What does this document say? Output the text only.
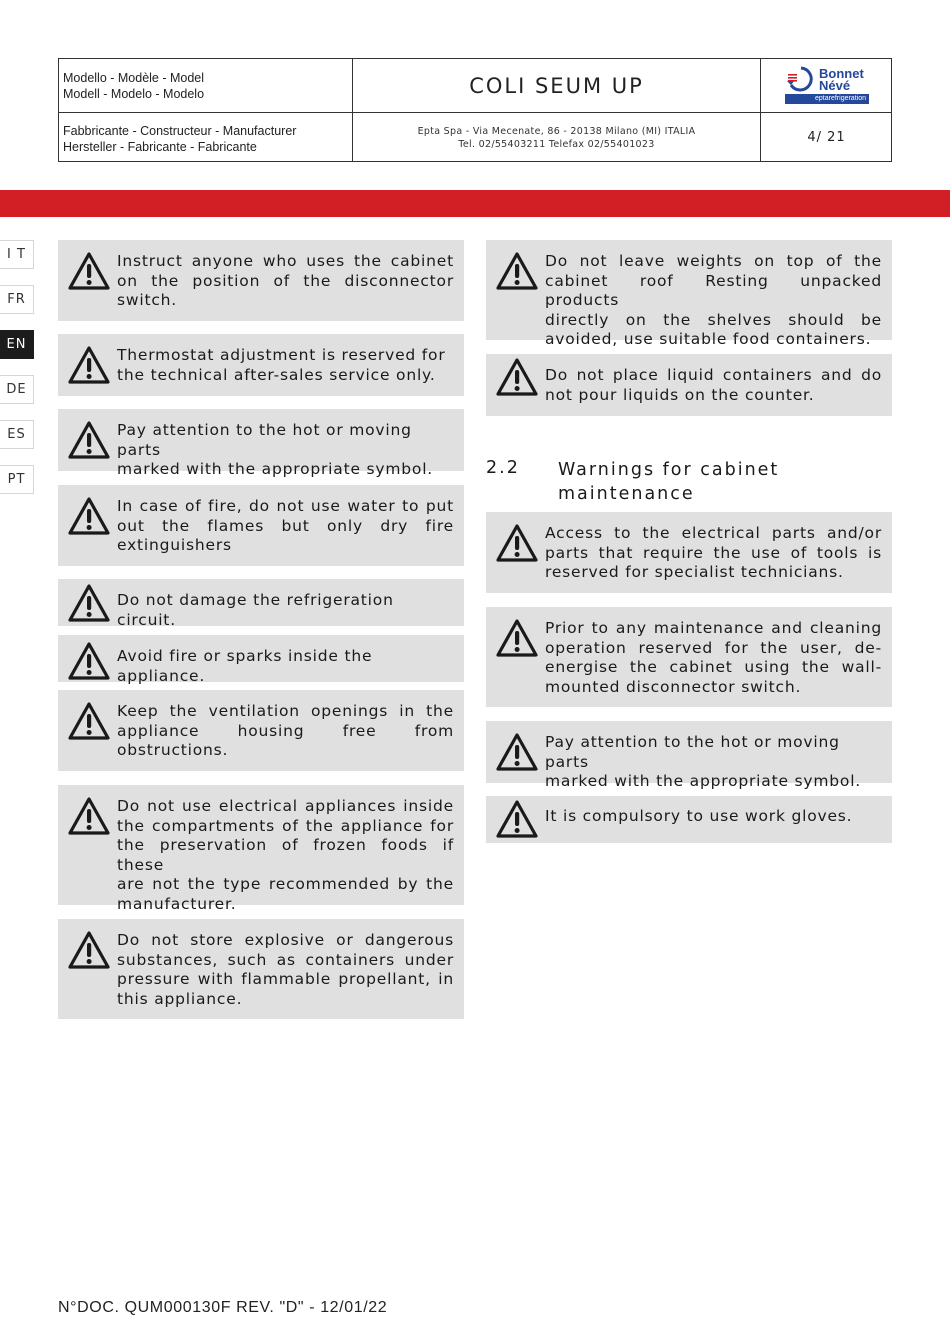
Modello - Modèle - Model
Modell - Modelo - Modelo	COLI SEUM UP
Bonnet
Névé
eptarefrigeration
Fabbricante - Constructeur - Manufacturer
Hersteller - Fabricante - Fabricante
Epta Spa - Via Mecenate, 86 - 20138 Milano (MI) ITALIA
Tel. 02/55403211 Telefax 02/55401023	4/ 21
I T
FR
EN
DE
ES
PT
Instruct anyone who uses the cabinet
on the position of the disconnector
switch.
Thermostat adjustment is reserved for
the technical after-sales service only.
Pay attention to the hot or moving parts
marked with the appropriate symbol.
In case of fire, do not use water to put
out the flames but only dry fire
extinguishers
Do not damage the refrigeration circuit.
Avoid fire or sparks inside the appliance.
Keep the ventilation openings in the
appliance housing free from
obstructions.
Do not use electrical appliances inside
the compartments of the appliance for
the preservation of frozen foods if these
are not the type recommended by the
manufacturer.
Do not store explosive or dangerous
substances, such as containers under
pressure with flammable propellant, in
this appliance.
Do not leave weights on top of the
cabinet roof Resting unpacked products
directly on the shelves should be
avoided, use suitable food containers.
Do not place liquid containers and do
not pour liquids on the counter.
2.2 Warnings for cabinet
maintenance
Access to the electrical parts and/or
parts that require the use of tools is
reserved for specialist technicians.
Prior to any maintenance and cleaning
operation reserved for the user, de-
energise the cabinet using the wall-
mounted disconnector switch.
Pay attention to the hot or moving parts
marked with the appropriate symbol.
It is compulsory to use work gloves.
N°DOC. QUM000130F REV. "D" - 12/01/22
